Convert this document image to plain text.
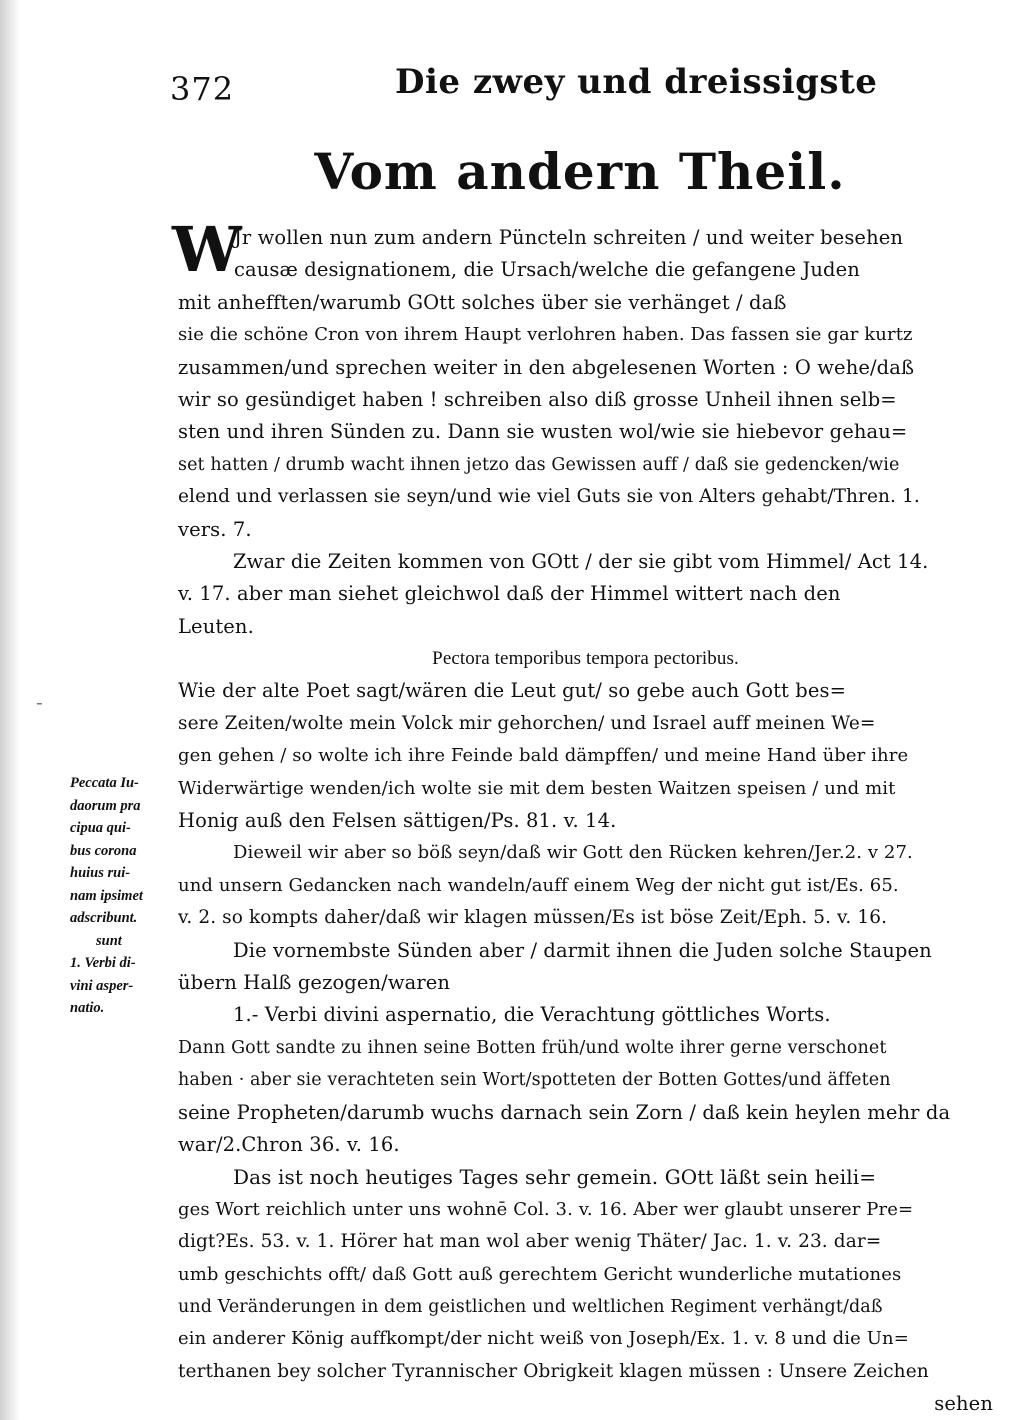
-
372	Die zwey und dreissigste
Vom andern Theil.
W
Jr wollen nun zum andern Püncteln schreiten / und weiter besehen
causæ designationem, die Ursach/welche die gefangene Juden
mit anhefften/warumb GOtt solches über sie verhänget / daß
sie die schöne Cron von ihrem Haupt verlohren haben. Das fassen sie gar kurtz
zusammen/und sprechen weiter in den abgelesenen Worten : O wehe/daß
wir so gesündiget haben ! schreiben also diß grosse Unheil ihnen selb=
sten und ihren Sünden zu. Dann sie wusten wol/wie sie hiebevor gehau=
set hatten / drumb wacht ihnen jetzo das Gewissen auff / daß sie gedencken/wie
elend und verlassen sie seyn/und wie viel Guts sie von Alters gehabt/Thren. 1.
vers. 7.
Zwar die Zeiten kommen von GOtt / der sie gibt vom Himmel/ Act 14.
v. 17. aber man siehet gleichwol daß der Himmel wittert nach den
Leuten.
Pectora temporibus tempora pectoribus.
Wie der alte Poet sagt/wären die Leut gut/ so gebe auch Gott bes=
sere Zeiten/wolte mein Volck mir gehorchen/ und Israel auff meinen We=
gen gehen / so wolte ich ihre Feinde bald dämpffen/ und meine Hand über ihre
Widerwärtige wenden/ich wolte sie mit dem besten Waitzen speisen / und mit
Honig auß den Felsen sättigen/Ps. 81. v. 14.
Dieweil wir aber so böß seyn/daß wir Gott den Rücken kehren/Jer.2. v 27.
und unsern Gedancken nach wandeln/auff einem Weg der nicht gut ist/Es. 65.
v. 2. so kompts daher/daß wir klagen müssen/Es ist böse Zeit/Eph. 5. v. 16.
Die vornembste Sünden aber / darmit ihnen die Juden solche Staupen
übern Halß gezogen/waren
1.- Verbi divini aspernatio, die Verachtung göttliches Worts.
Dann Gott sandte zu ihnen seine Botten früh/und wolte ihrer gerne verschonet
haben · aber sie verachteten sein Wort/spotteten der Botten Gottes/und äffeten
seine Propheten/darumb wuchs darnach sein Zorn / daß kein heylen mehr da
war/2.Chron 36. v. 16.
Das ist noch heutiges Tages sehr gemein. GOtt läßt sein heili=
ges Wort reichlich unter uns wohnē Col. 3. v. 16. Aber wer glaubt unserer Pre=
digt?Es. 53. v. 1. Hörer hat man wol aber wenig Thäter/ Jac. 1. v. 23. dar=
umb geschichts offt/ daß Gott auß gerechtem Gericht wunderliche mutationes
und Veränderungen in dem geistlichen und weltlichen Regiment verhängt/daß
ein anderer König auffkompt/der nicht weiß von Joseph/Ex. 1. v. 8 und die Un=
terthanen bey solcher Tyrannischer Obrigkeit klagen müssen : Unsere Zeichen
sehen
Peccata Iu-
daorum pra
cipua qui-
bus corona
huius rui-
nam ipsimet
adscribunt.
sunt
1. Verbi di-
vini asper-
natio.
